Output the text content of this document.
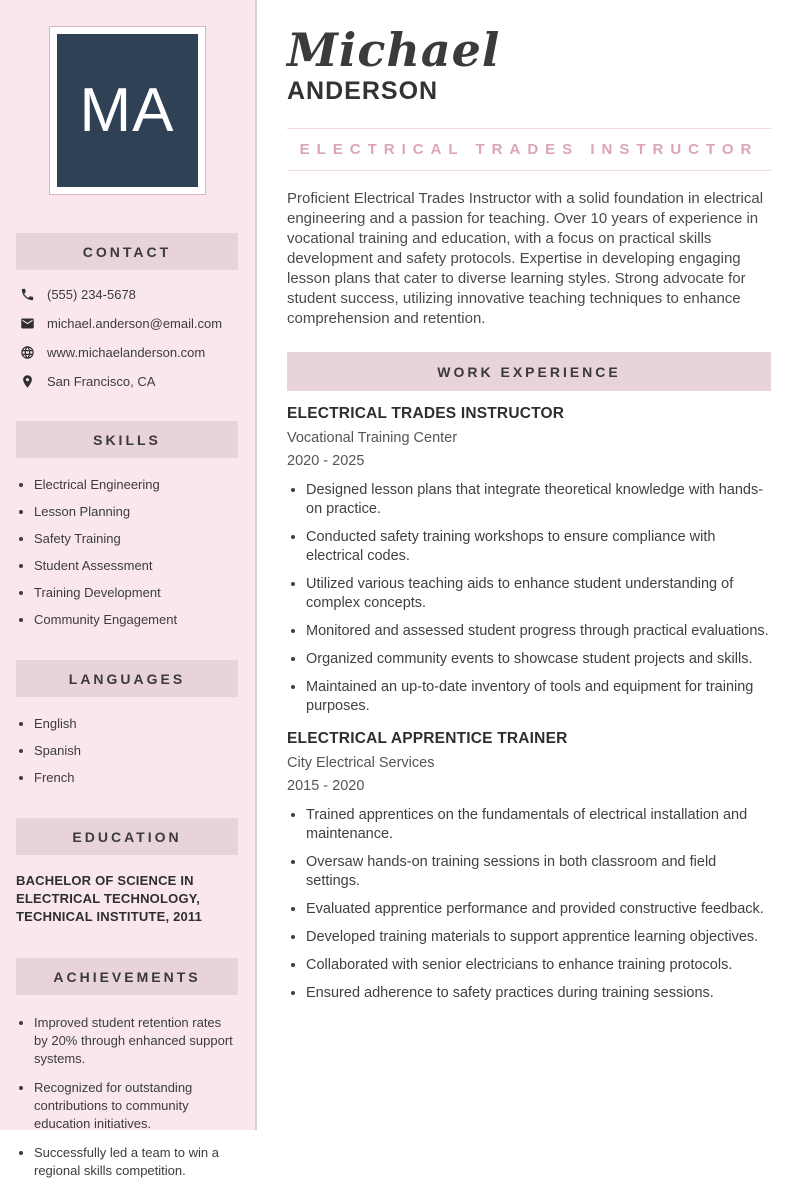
MA
CONTACT
(555) 234-5678
michael.anderson@email.com
www.michaelanderson.com
San Francisco, CA
SKILLS
• Electrical Engineering
• Lesson Planning
• Safety Training
• Student Assessment
• Training Development
• Community Engagement
LANGUAGES
• English
• Spanish
• French
EDUCATION

BACHELOR OF SCIENCE IN ELECTRICAL TECHNOLOGY, TECHNICAL INSTITUTE, 2011

ACHIEVEMENTS
• Improved student retention rates by 20% through enhanced support systems.
• Recognized for outstanding contributions to community education initiatives.
• Successfully led a team to win a regional skills competition.
Michael
ANDERSON
ELECTRICAL TRADES INSTRUCTOR

Proficient Electrical Trades Instructor with a solid foundation in electrical engineering and a passion for teaching. Over 10 years of experience in vocational training and education, with a focus on practical skills development and safety protocols. Expertise in developing engaging lesson plans that cater to diverse learning styles. Strong advocate for student success, utilizing innovative teaching techniques to enhance comprehension and retention.

WORK EXPERIENCE
ELECTRICAL TRADES INSTRUCTOR
Vocational Training Center
2020 - 2025
• Designed lesson plans that integrate theoretical knowledge with hands-on practice.
• Conducted safety training workshops to ensure compliance with electrical codes.
• Utilized various teaching aids to enhance student understanding of complex concepts.
• Monitored and assessed student progress through practical evaluations.
• Organized community events to showcase student projects and skills.
• Maintained an up-to-date inventory of tools and equipment for training purposes.
ELECTRICAL APPRENTICE TRAINER
City Electrical Services
2015 - 2020
• Trained apprentices on the fundamentals of electrical installation and maintenance.
• Oversaw hands-on training sessions in both classroom and field settings.
• Evaluated apprentice performance and provided constructive feedback.
• Developed training materials to support apprentice learning objectives.
• Collaborated with senior electricians to enhance training protocols.
• Ensured adherence to safety practices during training sessions.
